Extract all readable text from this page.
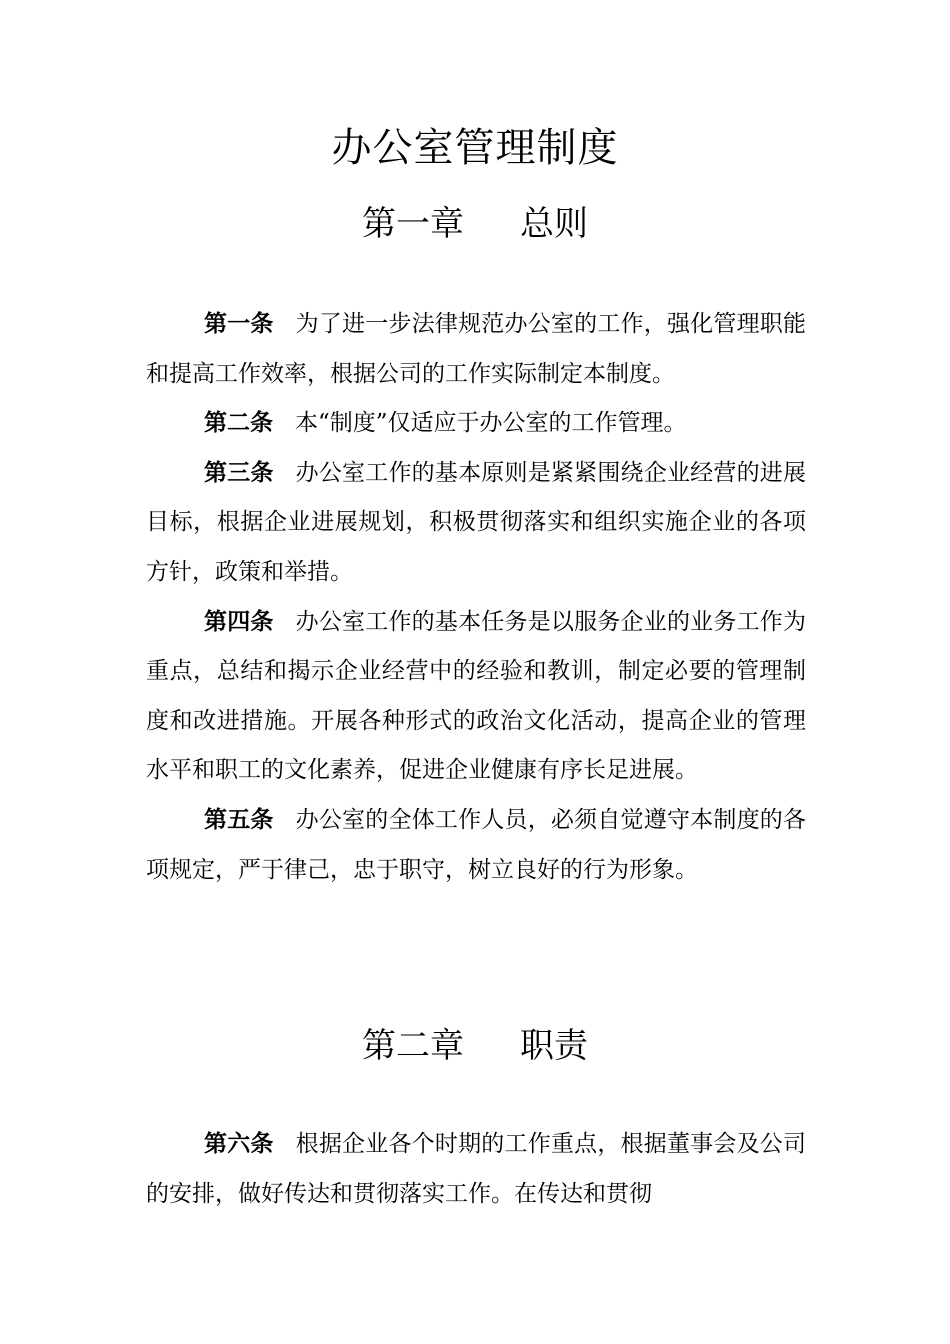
办公室管理制度
第一章 总则

第一条 为了进一步法律规范办公室的工作，强化管理职能和提高工作效率，根据公司的工作实际制定本制度。

第二条 本“制度”仅适应于办公室的工作管理。

第三条 办公室工作的基本原则是紧紧围绕企业经营的进展目标，根据企业进展规划，积极贯彻落实和组织实施企业的各项方针，政策和举措。

第四条 办公室工作的基本任务是以服务企业的业务工作为重点，总结和揭示企业经营中的经验和教训，制定必要的管理制度和改进措施。开展各种形式的政治文化活动，提高企业的管理水平和职工的文化素养，促进企业健康有序长足进展。

第五条 办公室的全体工作人员，必须自觉遵守本制度的各项规定，严于律己，忠于职守，树立良好的行为形象。

第二章 职责

第六条 根据企业各个时期的工作重点，根据董事会及公司的安排，做好传达和贯彻落实工作。在传达和贯彻
